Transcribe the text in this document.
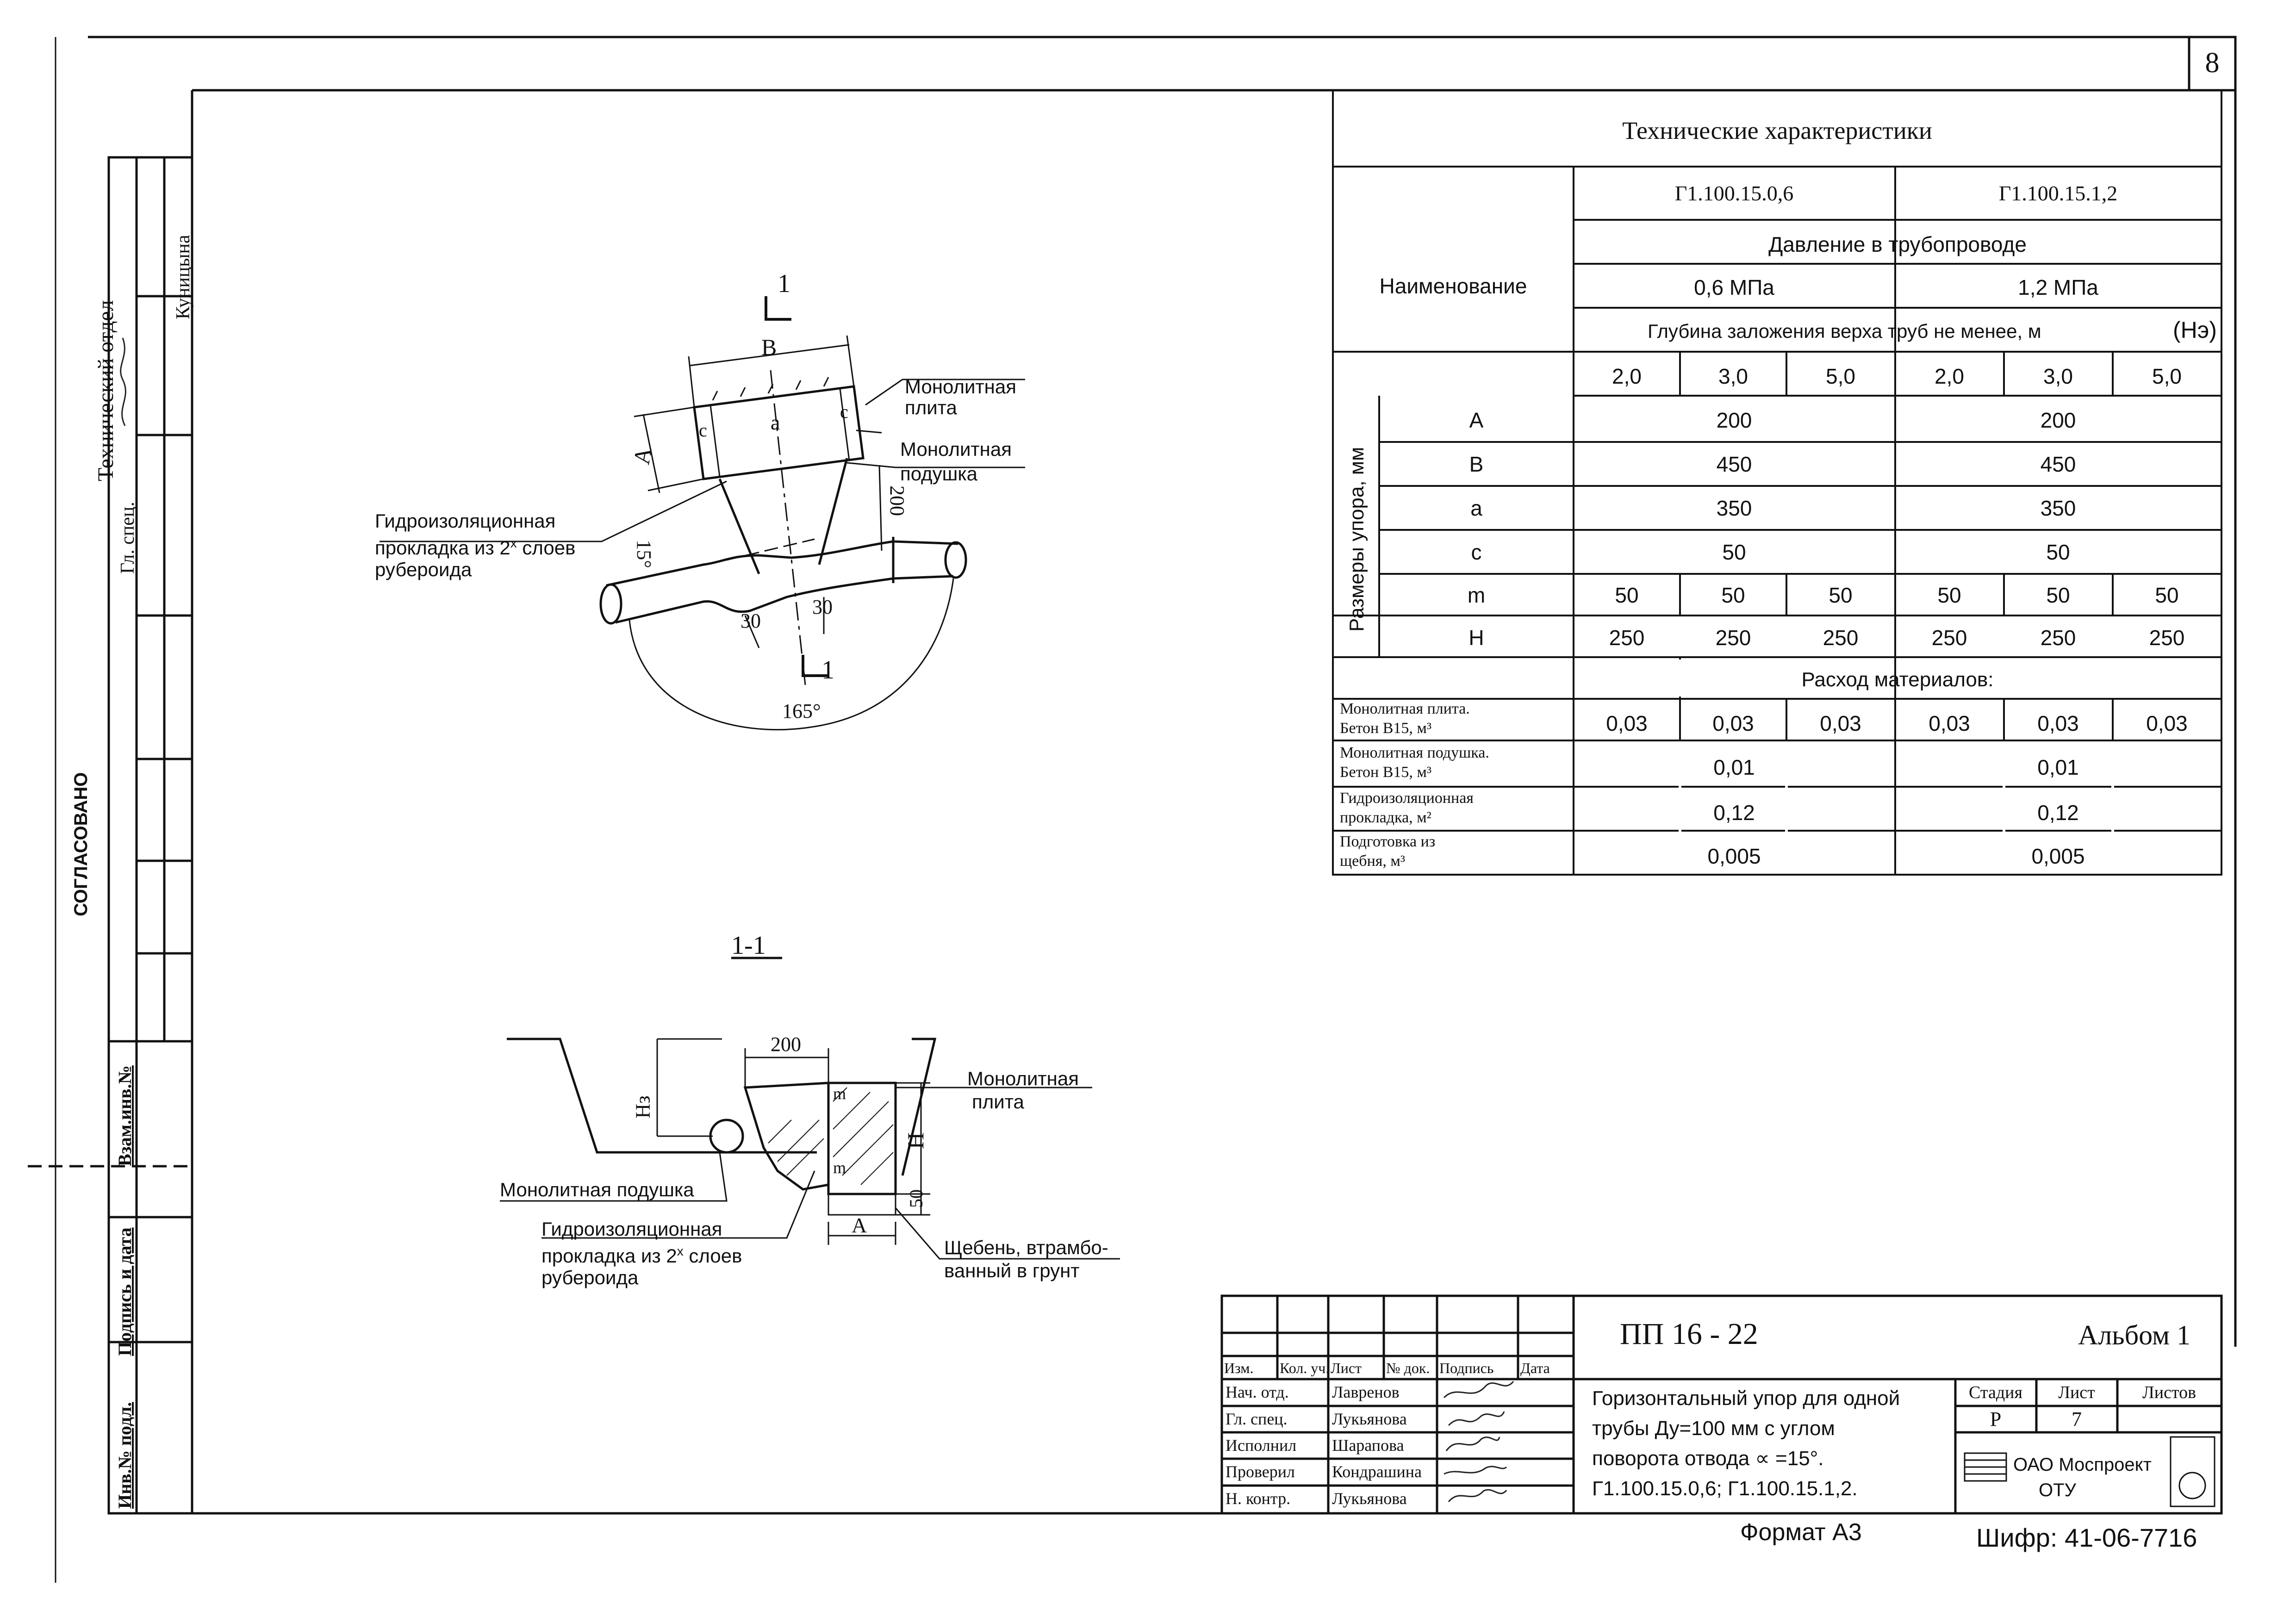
8
Технический отдел
Гл. спец.
Куницына
СОГЛАСОВАНО
Взам.инв.№
Подпись и дата
Инв.№ подл.
1
1
B
a
A
c
c
200
30
30
15°
165°
Монолитная
плита
Монолитная
подушка
Гидроизоляционная
прокладка из $2^х$ слоев
рубероида
1-1
200
Нз
Н
m
m
50
А
Монолитная
плита
Монолитная подушка
Гидроизоляционная
прокладка из $2^х$ слоев
рубероида
Щебень, втрамбо-
ванный в грунт
Технические характеристики
Г1.100.15.0,6	Г1.100.15.1,2
Наименование
Давление в трубопроводе
0,6 МПа	1,2 МПа
Глубина заложения верха труб не менее, м	(Нэ)
2,0	3,0	5,0	2,0	3,0	5,0
Размеры упора, мм
А	200	200
В	450	450
а	350	350
с	50	50
m	50	50	50	50	50	50
Н	250	250	250	250	250	250
Расход материалов:
Монолитная плита.
Бетон В15, м³	0,03	0,03	0,03	0,03	0,03	0,03
Монолитная подушка.
Бетон В15, м³	0,01	0,01
Гидроизоляционная
прокладка, м²	0,12	0,12
Подготовка из
щебня, м³	0,005	0,005
ПП 16 - 22	Альбом 1
Изм. Кол. уч. Лист № док. Подпись Дата
Нач. отд.	Лавренов
Гл. спец.	Лукьянова
Исполнил Шарапова
Проверил Кондрашина
Н. контр. Лукьянова
Горизонтальный упор для одной
трубы Ду=100 мм с углом
поворота отвода ∝ =15°.
Г1.100.15.0,6; Г1.100.15.1,2.
Стадия Лист	Листов
Р	7
ОАО Моспроект
ОТУ
Формат А3	Шифр: 41-06-7716
